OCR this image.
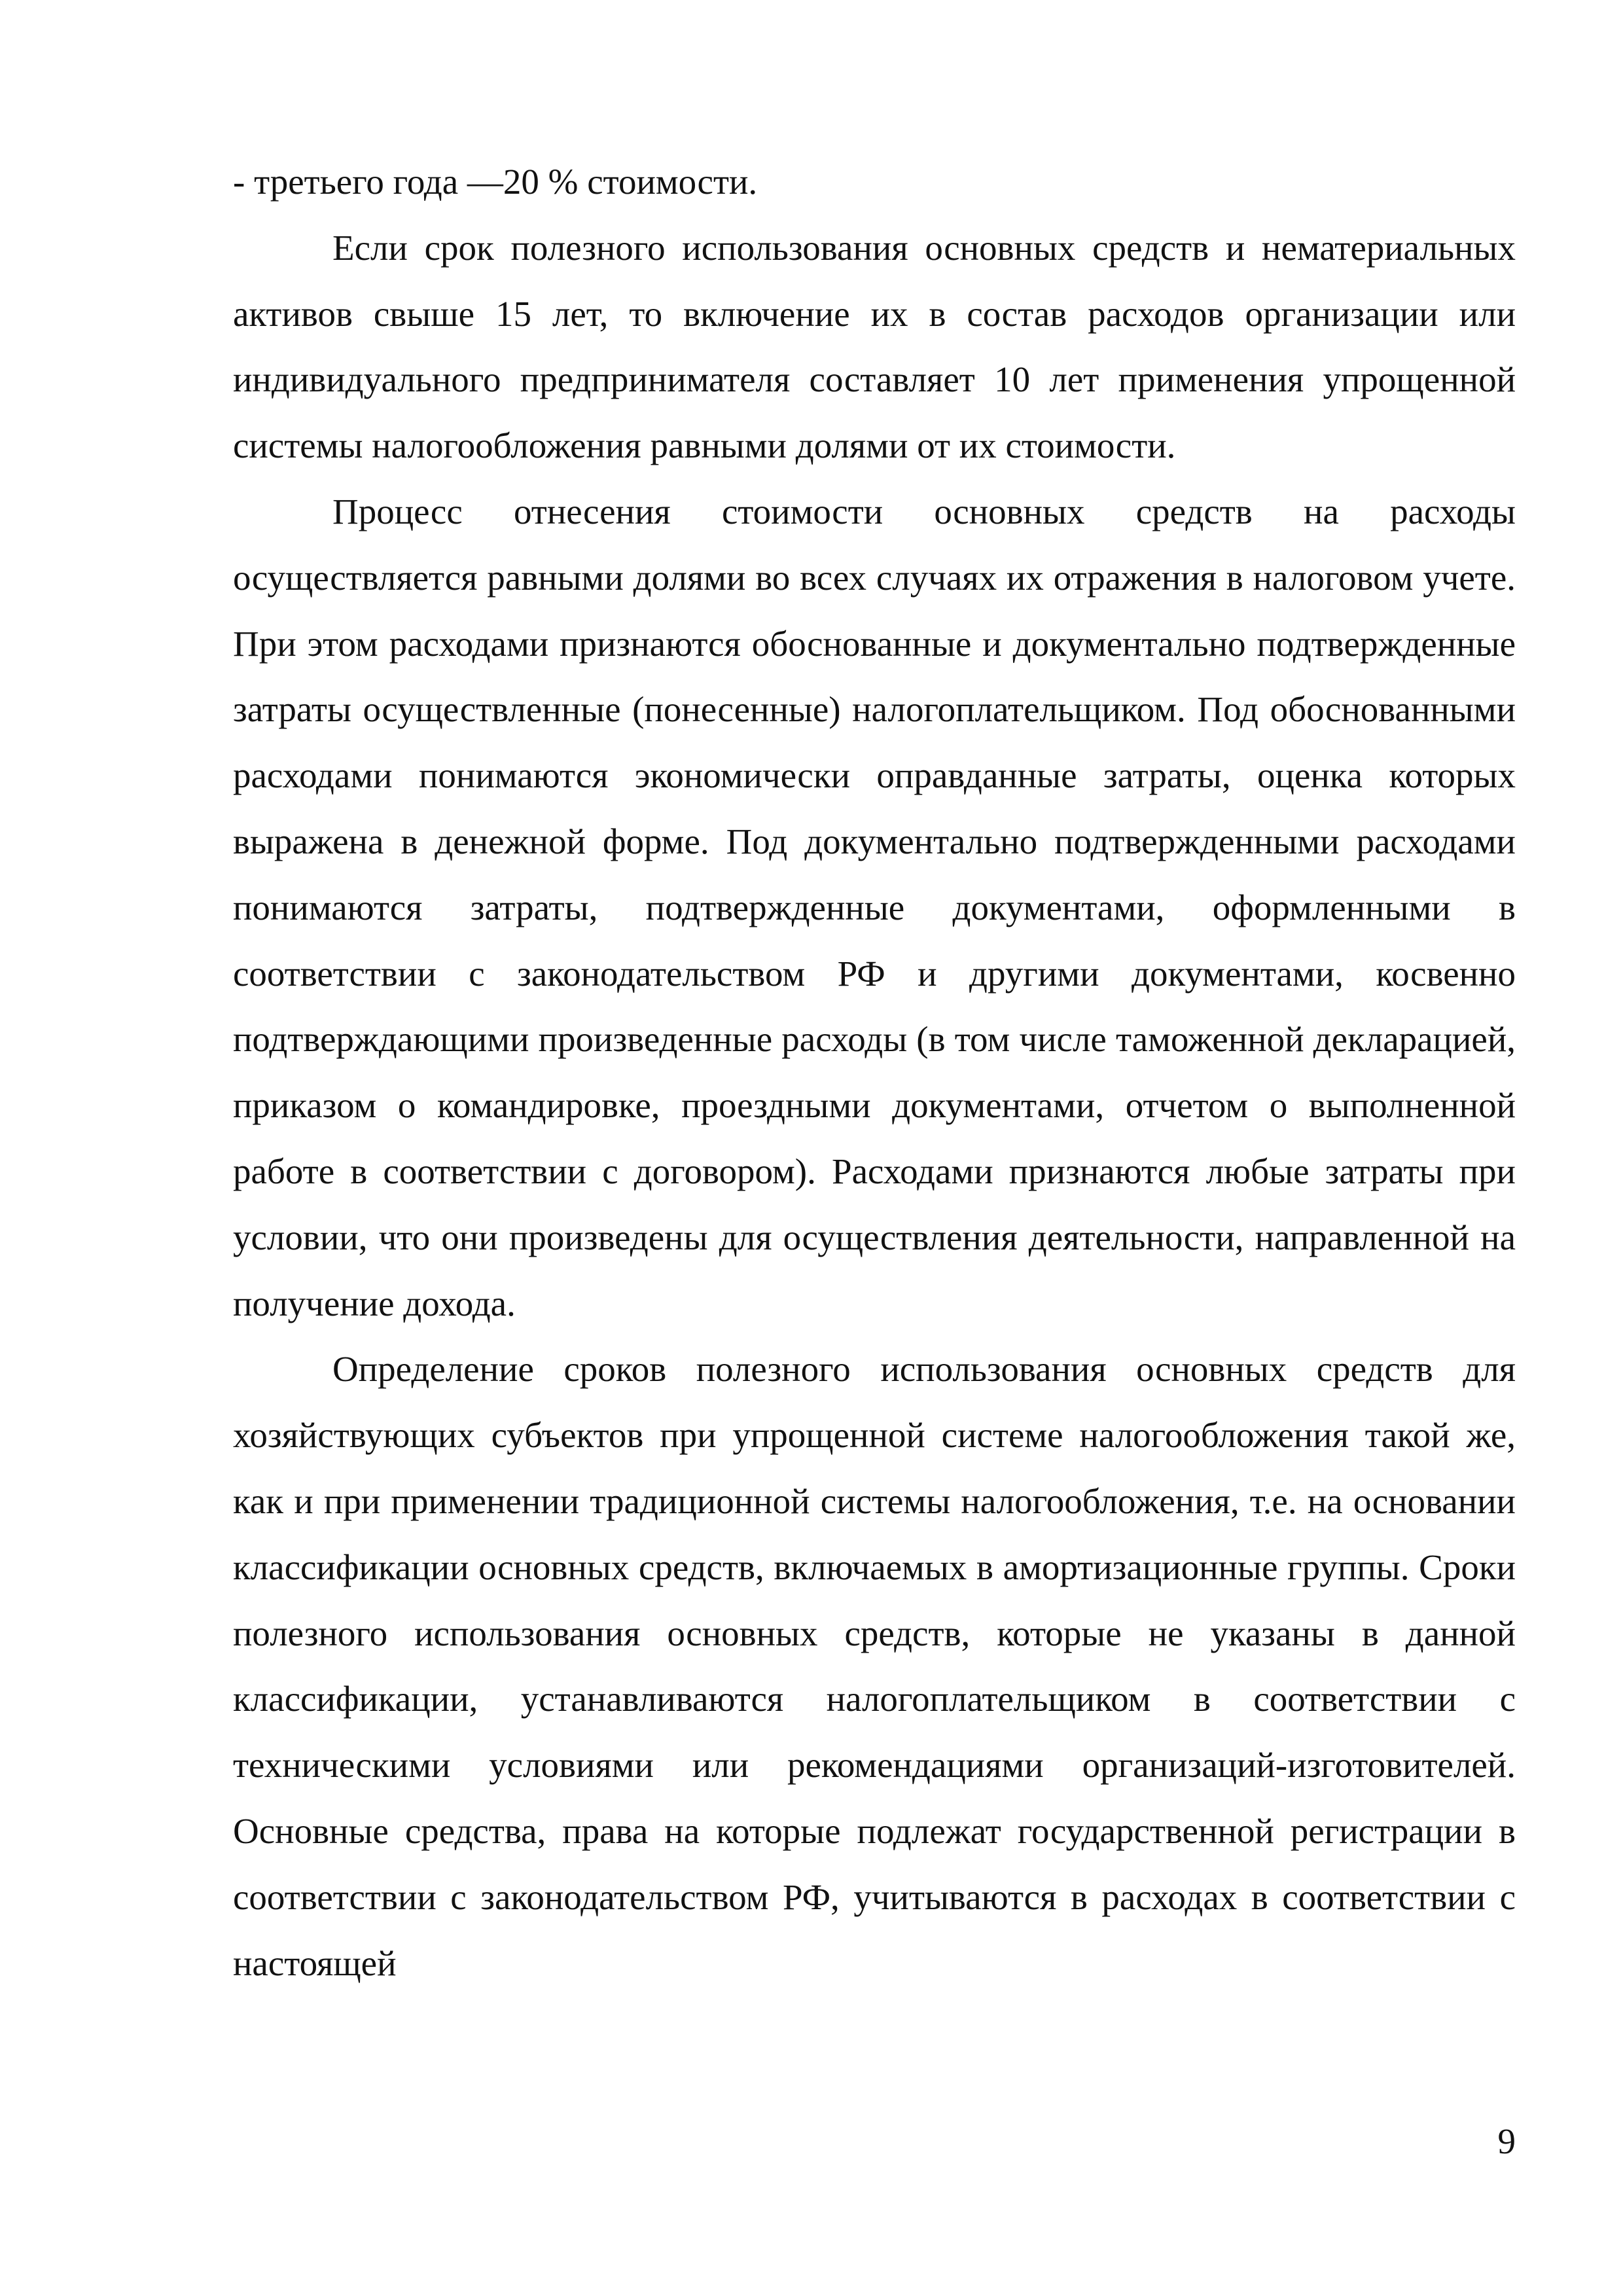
- третьего года —20 % стоимости.

Если срок полезного использования основных средств и нематериальных активов свыше 15 лет, то включение их в состав расходов организации или индивидуального предпринимателя составляет 10 лет применения упрощенной системы налогообложения равными долями от их стоимости.

Процесс отнесения стоимости основных средств на расходы осуществляется равными долями во всех случаях их отражения в налоговом учете. При этом расходами признаются обоснованные и документально подтвержденные затраты осуществленные (понесенные) налогоплательщиком. Под обоснованными расходами понимаются экономически оправданные затраты, оценка которых выражена в денежной форме. Под документально подтвержденными расходами понимаются затраты, подтвержденные документами, оформленными в соответствии с законодательством РФ и другими документами, косвенно подтверждающими произведенные расходы (в том числе таможенной декларацией, приказом о командировке, проездными документами, отчетом о выполненной работе в соответствии с договором). Расходами признаются любые затраты при условии, что они произведены для осуществления деятельности, направленной на получение дохода.

Определение сроков полезного использования основных средств для хозяйствующих субъектов при упрощенной системе налогообложения такой же, как и при применении традиционной системы налогообложения, т.е. на основании классификации основных средств, включаемых в амортизационные группы. Сроки полезного использования основных средств, которые не указаны в данной классификации, устанавливаются налогоплательщиком в соответствии с техническими условиями или рекомендациями организаций-изготовителей. Основные средства, права на которые подлежат государственной регистрации в соответствии с законодательством РФ, учитываются в расходах в соответствии с настоящей

9
